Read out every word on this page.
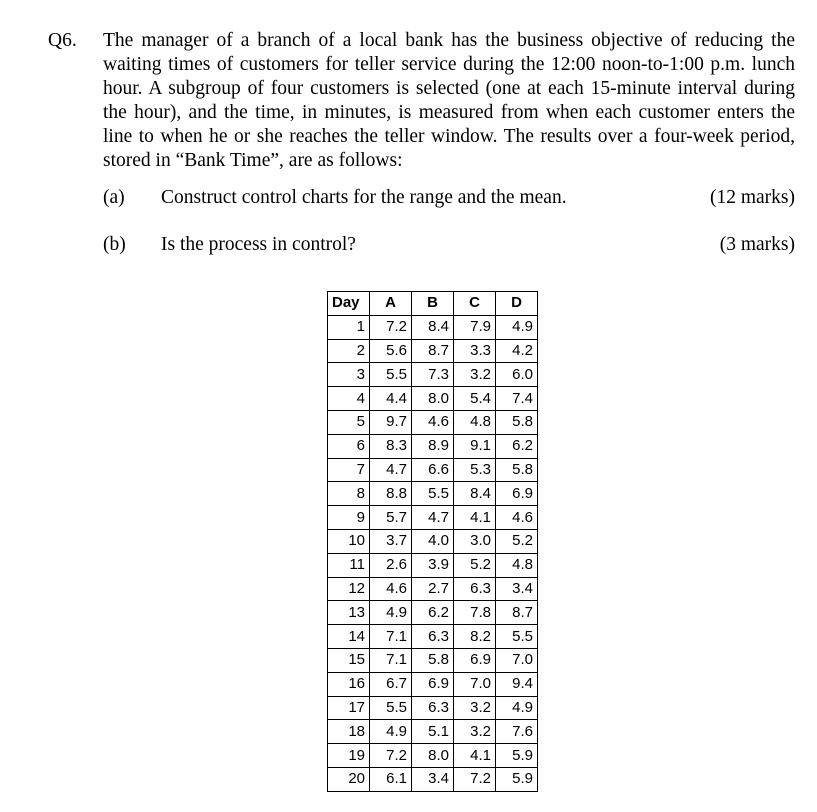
Q6. The manager of a branch of a local bank has the business objective of reducing the
waiting times of customers for teller service during the 12:00 noon-to-1:00 p.m. lunch
hour. A subgroup of four customers is selected (one at each 15-minute interval during
the hour), and the time, in minutes, is measured from when each customer enters the
line to when he or she reaches the teller window. The results over a four-week period,
stored in “Bank Time”, are as follows:
(a) Construct control charts for the range and the mean.	(12 marks)
(b) Is the process in control?	(3 marks)
Day	A	B	C	D
1	7.2	8.4	7.9	4.9
2	5.6	8.7	3.3	4.2
3	5.5	7.3	3.2	6.0
4	4.4	8.0	5.4	7.4
5	9.7	4.6	4.8	5.8
6	8.3	8.9	9.1	6.2
7	4.7	6.6	5.3	5.8
8	8.8	5.5	8.4	6.9
9	5.7	4.7	4.1	4.6
10	3.7	4.0	3.0	5.2
11	2.6	3.9	5.2	4.8
12	4.6	2.7	6.3	3.4
13	4.9	6.2	7.8	8.7
14	7.1	6.3	8.2	5.5
15	7.1	5.8	6.9	7.0
16	6.7	6.9	7.0	9.4
17	5.5	6.3	3.2	4.9
18	4.9	5.1	3.2	7.6
19	7.2	8.0	4.1	5.9
20	6.1	3.4	7.2	5.9
